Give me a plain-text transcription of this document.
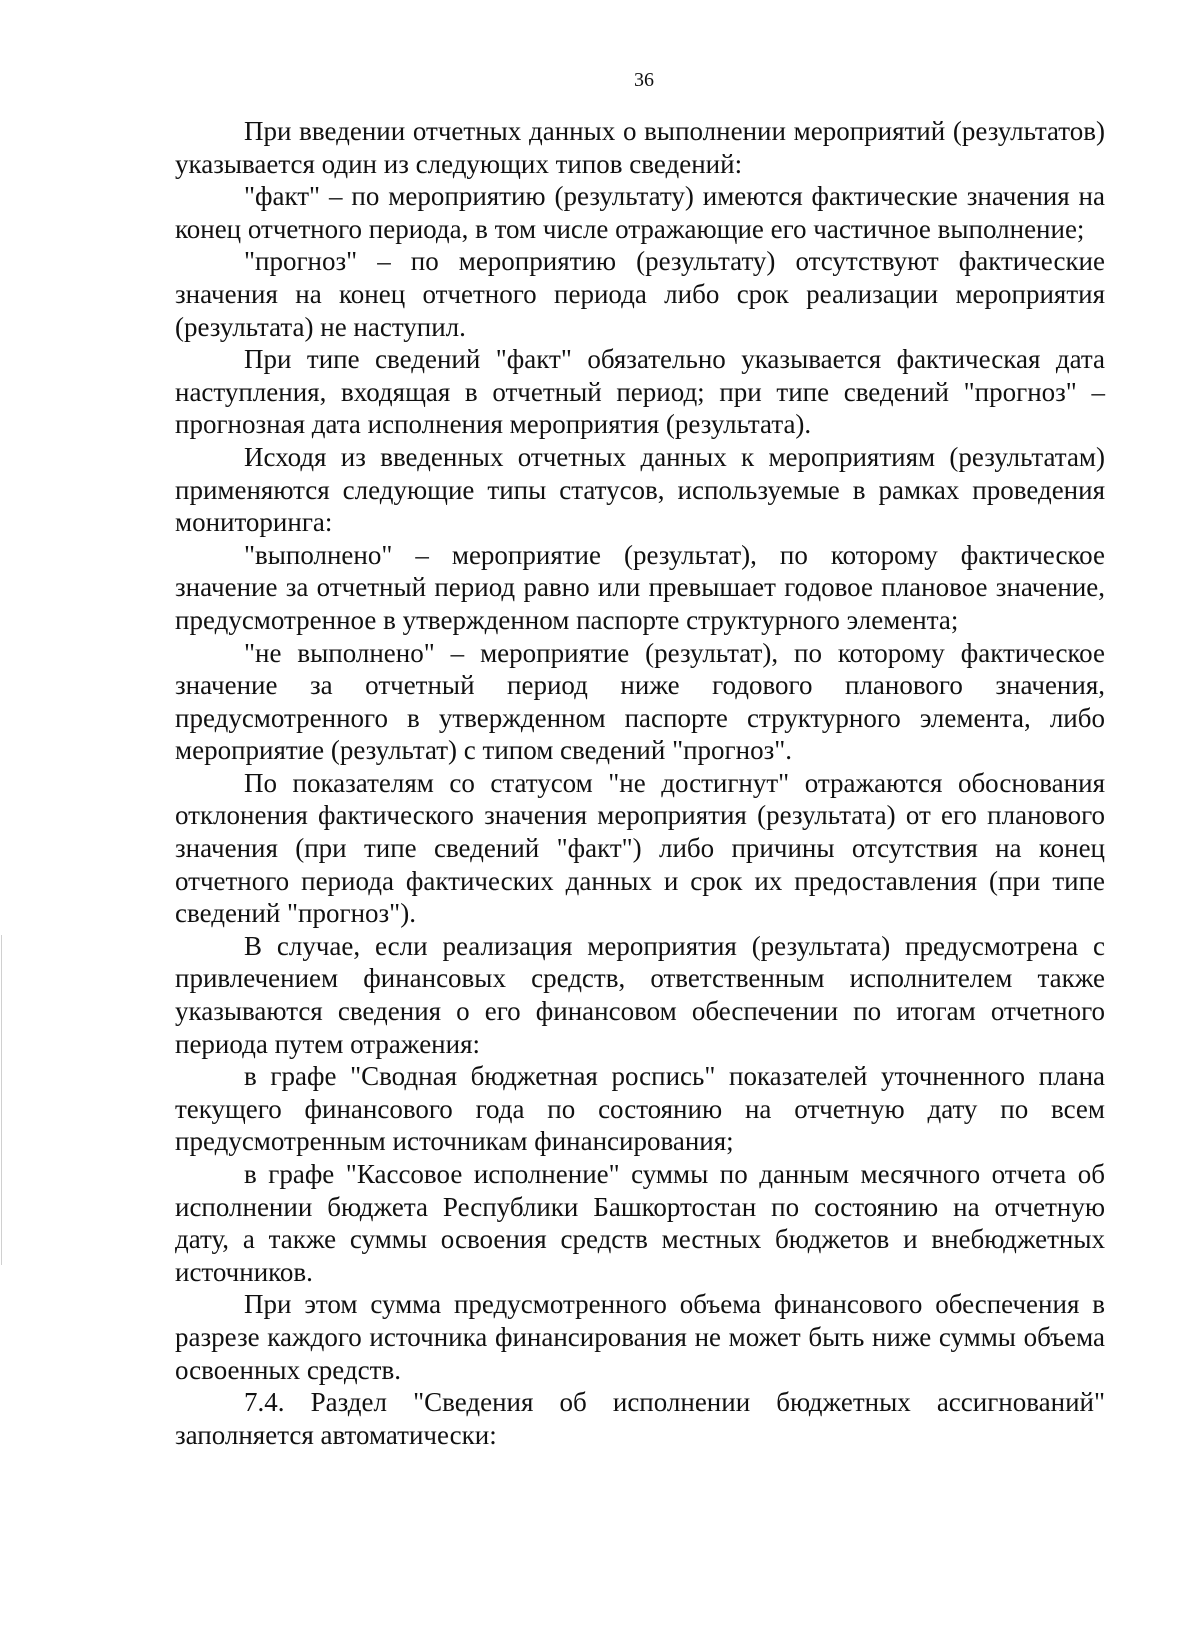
36

При введении отчетных данных о выполнении мероприятий (результатов) указывается один из следующих типов сведений:

"факт" – по мероприятию (результату) имеются фактические значения на конец отчетного периода, в том числе отражающие его частичное выполнение;

"прогноз" – по мероприятию (результату) отсутствуют фактические значения на конец отчетного периода либо срок реализации мероприятия (результата) не наступил.

При типе сведений "факт" обязательно указывается фактическая дата наступления, входящая в отчетный период; при типе сведений "прогноз" – прогнозная дата исполнения мероприятия (результата).

Исходя из введенных отчетных данных к мероприятиям (результатам) применяются следующие типы статусов, используемые в рамках проведения мониторинга:

"выполнено" – мероприятие (результат), по которому фактическое значение за отчетный период равно или превышает годовое плановое значение, предусмотренное в утвержденном паспорте структурного элемента;

"не выполнено" – мероприятие (результат), по которому фактическое значение за отчетный период ниже годового планового значения, предусмотренного в утвержденном паспорте структурного элемента, либо мероприятие (результат) с типом сведений "прогноз".

По показателям со статусом "не достигнут" отражаются обоснования отклонения фактического значения мероприятия (результата) от его планового значения (при типе сведений "факт") либо причины отсутствия на конец отчетного периода фактических данных и срок их предоставления (при типе сведений "прогноз").

В случае, если реализация мероприятия (результата) предусмотрена с привлечением финансовых средств, ответственным исполнителем также указываются сведения о его финансовом обеспечении по итогам отчетного периода путем отражения:

в графе "Сводная бюджетная роспись" показателей уточненного плана текущего финансового года по состоянию на отчетную дату по всем предусмотренным источникам финансирования;

в графе "Кассовое исполнение" суммы по данным месячного отчета об исполнении бюджета Республики Башкортостан по состоянию на отчетную дату, а также суммы освоения средств местных бюджетов и внебюджетных источников.

При этом сумма предусмотренного объема финансового обеспечения в разрезе каждого источника финансирования не может быть ниже суммы объема освоенных средств.

7.4. Раздел "Сведения об исполнении бюджетных ассигнований" заполняется автоматически:
